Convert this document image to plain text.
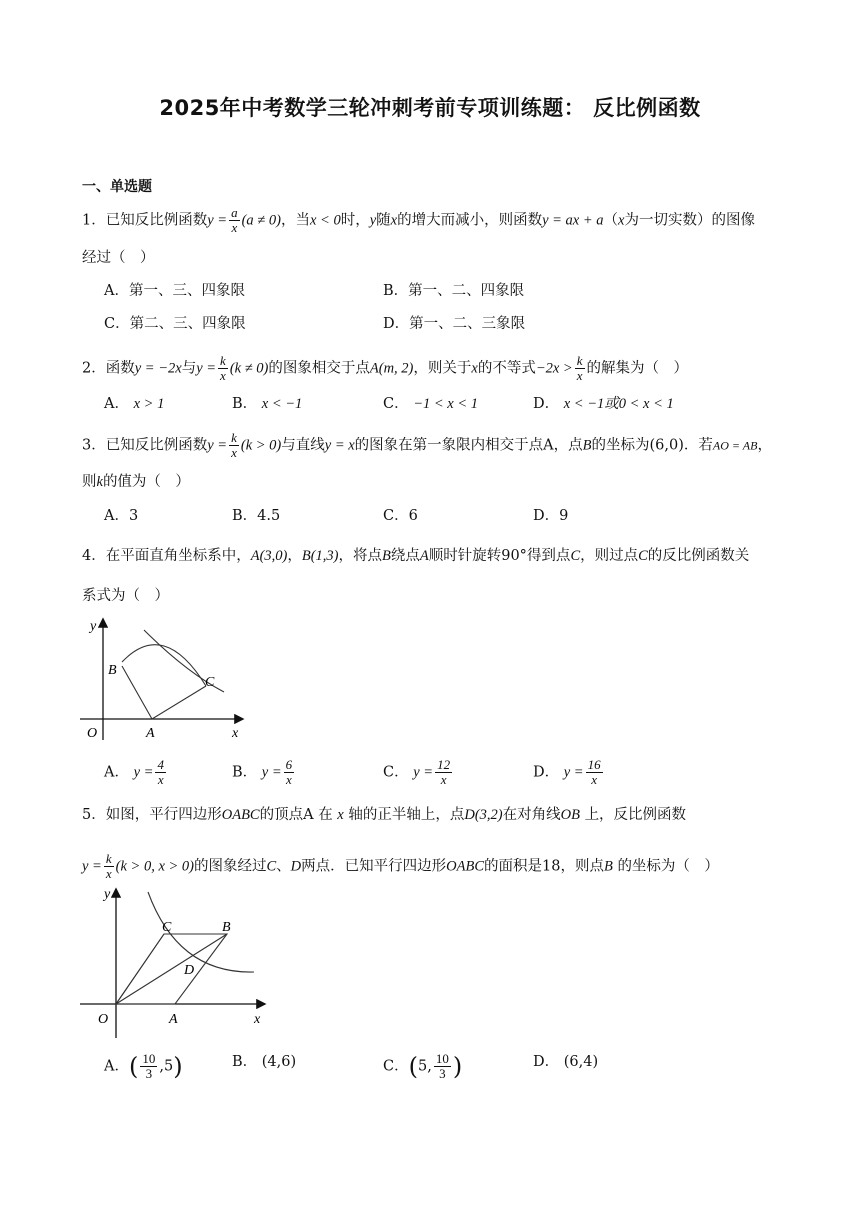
2025年中考数学三轮冲刺考前专项训练题： 反比例函数
一、单选题
1．已知反比例函数$y = \frac{a}{x} (a \ne 0)$，当x < 0时，y随x的增大而减小，则函数y = ax + a（x为一切实数）的图像
经过（　）
A．第一、三、四象限	B．第一、二、四象限
C．第二、三、四象限	D．第一、二、三象限
2．函数y = −2x与$y = \frac{k}{x} (k \ne 0)$的图象相交于点A(m, 2)，则关于x的不等式$-2x > \frac{k}{x}$ 的解集为（　）
A． x > 1	B． x < −1	C． −1 < x < 1	D． x < −1或0 < x < 1
3．已知反比例函数$y = \frac{k}{x} (k > 0)$与直线y = x的图象在第一象限内相交于点A，点B的坐标为(6,0)．若AO = AB，
则k的值为（　）
A．3	B．4.5	C．6	D．9
4．在平面直角坐标系中，A(3,0)，B(1,3)，将点B绕点A顺时针旋转90°得到点C，则过点C的反比例函数关
系式为（　）
y
B
C
O	A	x
A． $y = \frac{4}{x}$	B． $y = \frac{6}{x}$	C． $y = \frac{12}{x}$	D． $y = \frac{16}{x}$
5．如图，平行四边形OABC的顶点A 在 x 轴的正半轴上，点D(3,2)在对角线OB 上，反比例函数
$y = \frac{k}{x} (k > 0$, x > 0)的图象经过C、D两点．已知平行四边形OABC的面积是18，则点B 的坐标为（　）
y
C	B
D
O	A	x
A．( $\frac{10}{3} ,5$)	B． (4,6)	C．(5, $\frac{10}{3}$ )	D． (6,4)
